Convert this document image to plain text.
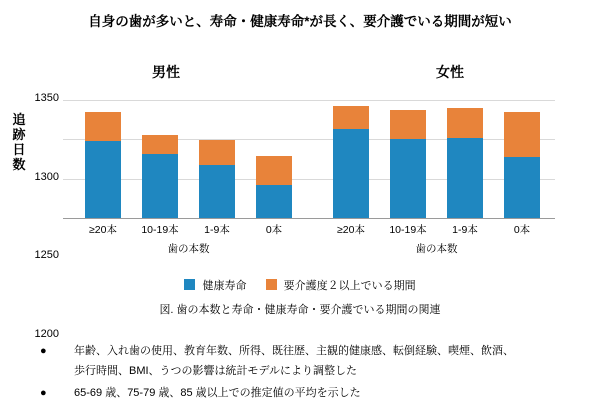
自身の歯が多いと、寿命・健康寿命*が長く、要介護でいる期間が短い
男性	女性
追跡日数
1200
1250
1300
1350
≥20本	10-19本	1-9本	0本
歯の本数
≥20本	10-19本	1-9本	0本
歯の本数
健康寿命	要介護度２以上でいる期間
図. 歯の本数と寿命・健康寿命・要介護でいる期間の関連
● 年齢、入れ歯の使用、教育年数、所得、既往歴、主観的健康感、転倒経験、喫煙、飲酒、
歩行時間、BMI、うつの影響は統計モデルにより調整した
● 65-69 歳、75-79 歳、85 歳以上での推定値の平均を示した
